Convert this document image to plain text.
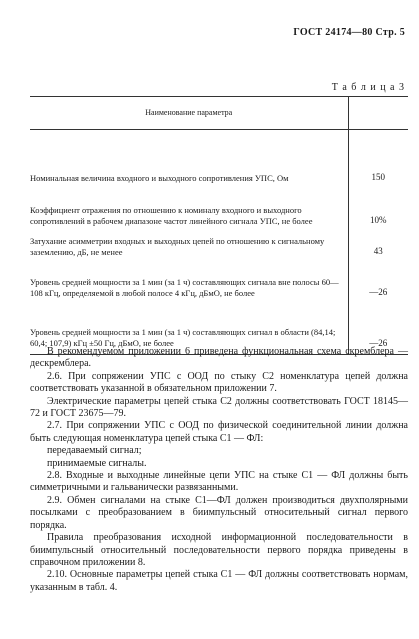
ГОСТ 24174—80 Стр. 5
Т а б л и ц а 3
Наименование параметра	
Номинальная величина входного и выходного сопротивления УПС, Ом	150
Коэффициент отражения по отношению к номиналу входного и выходного сопротивлений в рабочем диапазоне частот линейного сигнала УПС, не более	10%
Затухание асимметрии входных и выходных цепей по отношению к сигнальному заземлению, дБ, не менее	43
Уровень средней мощности за 1 мин (за 1 ч) составляющих сигнала вне полосы 60—108 кГц, определяемой в любой полосе 4 кГц, дБмО, не более	—26
Уровень средней мощности за 1 мин (за 1 ч) составляющих сигнал в области (84,14; 60,4; 107,9) кГц ±50 Гц, дБмО, не более	—26

В рекомендуемом приложении 6 приведена функциональная схема скремблера — дескремблера.

2.6. При сопряжении УПС с ООД по стыку С2 номенклатура цепей должна соответствовать указанной в обязательном приложении 7.

Электрические параметры цепей стыка С2 должны соответствовать ГОСТ 18145—72 и ГОСТ 23675—79.

2.7. При сопряжении УПС с ООД по физической соединительной линии должна быть следующая номенклатура цепей стыка С1 — ФЛ:

передаваемый сигнал;

принимаемые сигналы.

2.8. Входные и выходные линейные цепи УПС на стыке С1 — ФЛ должны быть симметричными и гальванически развязанными.

2.9. Обмен сигналами на стыке С1—ФЛ должен производиться двухполярными посылками с преобразованием в биимпульсный относительный сигнал первого порядка.

Правила преобразования исходной информационной последовательности в биимпульсный относительный последовательности первого порядка приведены в справочном приложении 8.

2.10. Основные параметры цепей стыка С1 — ФЛ должны соответствовать нормам, указанным в табл. 4.
